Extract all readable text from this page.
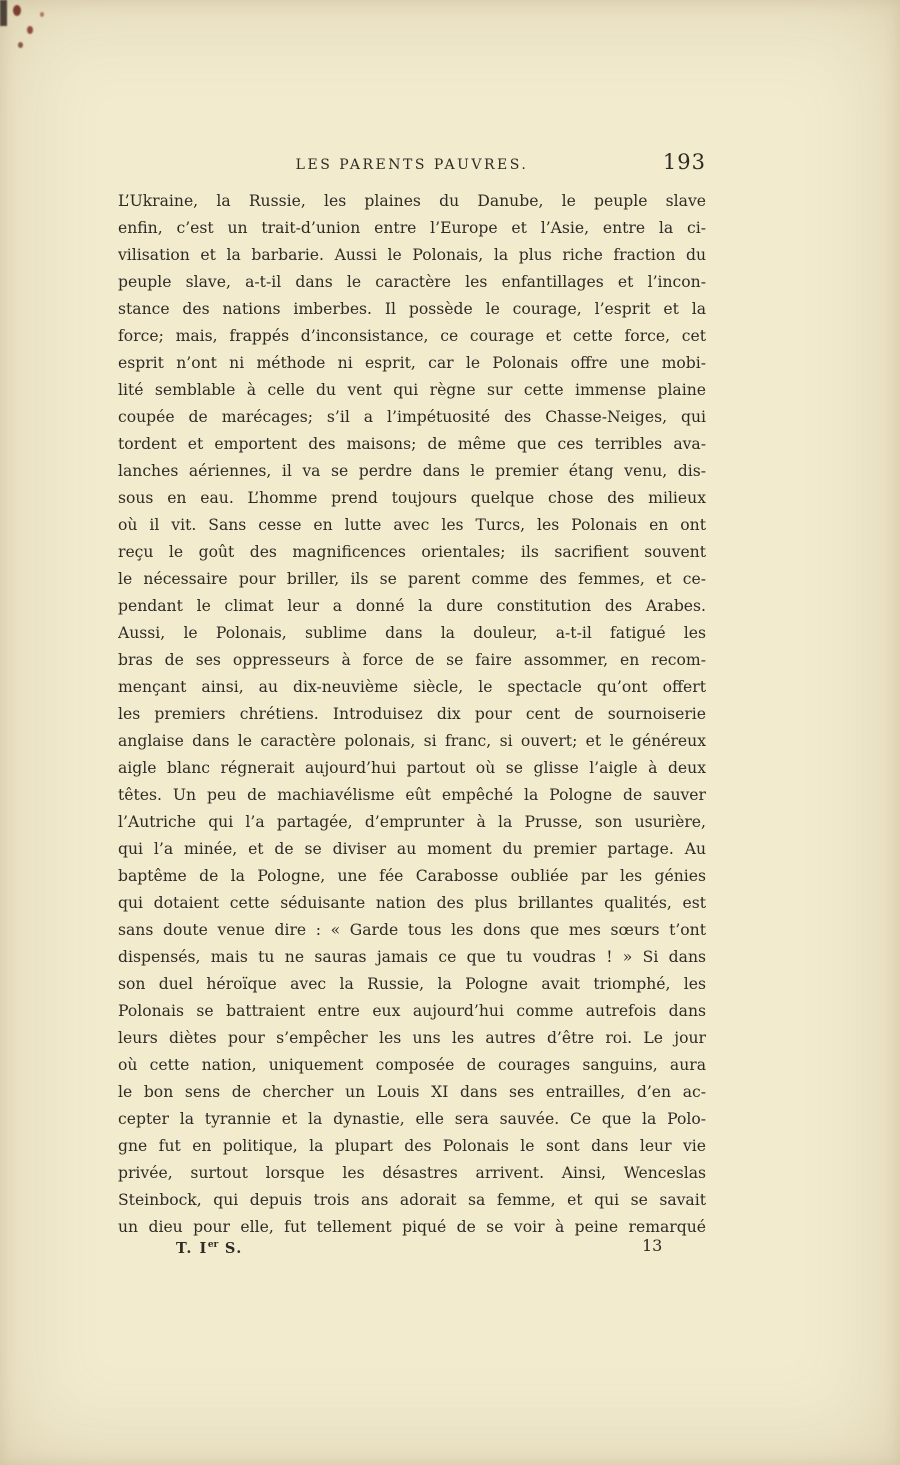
LES PARENTS PAUVRES.	193
L’Ukraine, la Russie, les plaines du Danube, le peuple slave
enfin, c’est un trait-d’union entre l’Europe et l’Asie, entre la ci-
vilisation et la barbarie. Aussi le Polonais, la plus riche fraction du
peuple slave, a-t-il dans le caractère les enfantillages et l’incon-
stance des nations imberbes. Il possède le courage, l’esprit et la
force; mais, frappés d’inconsistance, ce courage et cette force, cet
esprit n’ont ni méthode ni esprit, car le Polonais offre une mobi-
lité semblable à celle du vent qui règne sur cette immense plaine
coupée de marécages; s’il a l’impétuosité des Chasse-Neiges, qui
tordent et emportent des maisons; de même que ces terribles ava-
lanches aériennes, il va se perdre dans le premier étang venu, dis-
sous en eau. L’homme prend toujours quelque chose des milieux
où il vit. Sans cesse en lutte avec les Turcs, les Polonais en ont
reçu le goût des magnificences orientales; ils sacrifient souvent
le nécessaire pour briller, ils se parent comme des femmes, et ce-
pendant le climat leur a donné la dure constitution des Arabes.
Aussi, le Polonais, sublime dans la douleur, a-t-il fatigué les
bras de ses oppresseurs à force de se faire assommer, en recom-
mençant ainsi, au dix-neuvième siècle, le spectacle qu’ont offert
les premiers chrétiens. Introduisez dix pour cent de sournoiserie
anglaise dans le caractère polonais, si franc, si ouvert; et le généreux
aigle blanc régnerait aujourd’hui partout où se glisse l’aigle à deux
têtes. Un peu de machiavélisme eût empêché la Pologne de sauver
l’Autriche qui l’a partagée, d’emprunter à la Prusse, son usurière,
qui l’a minée, et de se diviser au moment du premier partage. Au
baptême de la Pologne, une fée Carabosse oubliée par les génies
qui dotaient cette séduisante nation des plus brillantes qualités, est
sans doute venue dire : « Garde tous les dons que mes sœurs t’ont
dispensés, mais tu ne sauras jamais ce que tu voudras ! » Si dans
son duel héroïque avec la Russie, la Pologne avait triomphé, les
Polonais se battraient entre eux aujourd’hui comme autrefois dans
leurs diètes pour s’empêcher les uns les autres d’être roi. Le jour
où cette nation, uniquement composée de courages sanguins, aura
le bon sens de chercher un Louis XI dans ses entrailles, d’en ac-
cepter la tyrannie et la dynastie, elle sera sauvée. Ce que la Polo-
gne fut en politique, la plupart des Polonais le sont dans leur vie
privée, surtout lorsque les désastres arrivent. Ainsi, Wenceslas
Steinbock, qui depuis trois ans adorait sa femme, et qui se savait
un dieu pour elle, fut tellement piqué de se voir à peine remarqué
T. Ier S.	13
